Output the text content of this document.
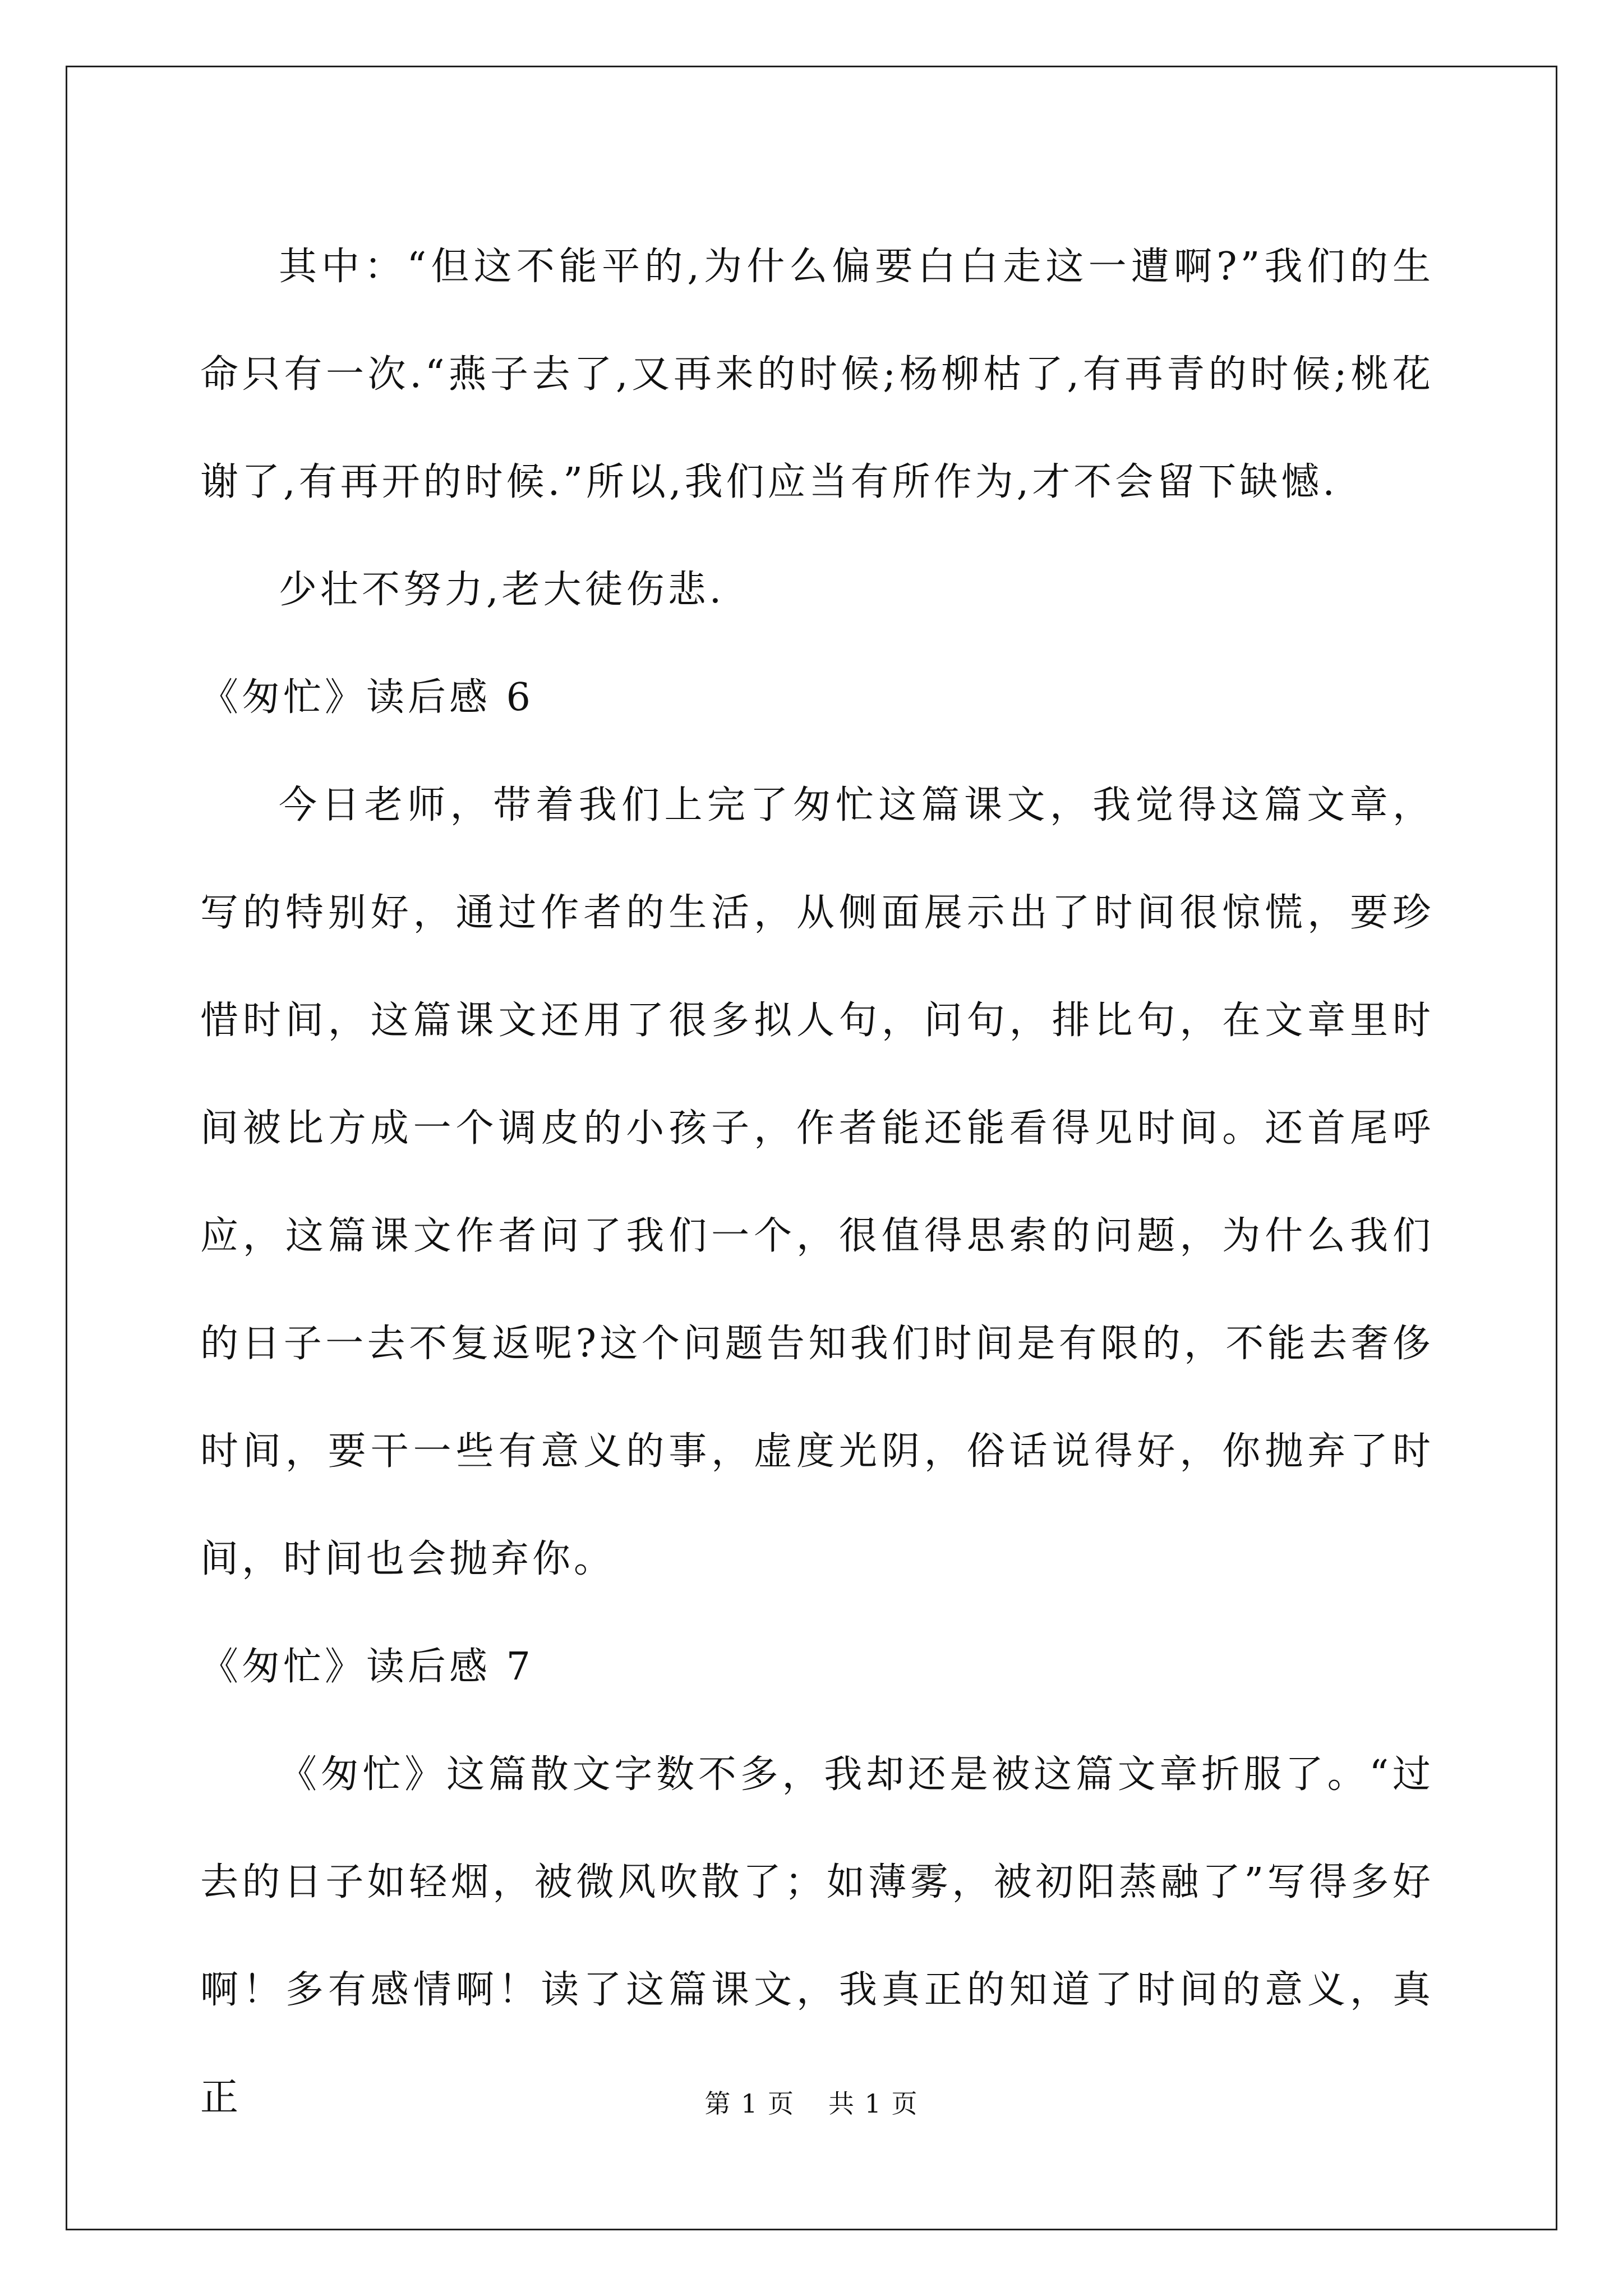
其中：“但这不能平的,为什么偏要白白走这一遭啊?”我们的生命只有一次.“燕子去了,又再来的时候;杨柳枯了,有再青的时候;桃花谢了,有再开的时候.”所以,我们应当有所作为,才不会留下缺憾.

少壮不努力,老大徒伤悲.

《匆忙》读后感 6

今日老师，带着我们上完了匆忙这篇课文，我觉得这篇文章，写的特别好，通过作者的生活，从侧面展示出了时间很惊慌，要珍惜时间，这篇课文还用了很多拟人句，问句，排比句，在文章里时间被比方成一个调皮的小孩子，作者能还能看得见时间。还首尾呼应，这篇课文作者问了我们一个，很值得思索的问题，为什么我们的日子一去不复返呢?这个问题告知我们时间是有限的，不能去奢侈时间，要干一些有意义的事，虚度光阴，俗话说得好，你抛弃了时间，时间也会抛弃你。

《匆忙》读后感 7

《匆忙》这篇散文字数不多，我却还是被这篇文章折服了。“过去的日子如轻烟，被微风吹散了；如薄雾，被初阳蒸融了”写得多好啊！多有感情啊！读了这篇课文，我真正的知道了时间的意义，真正	第 1 页 共 1 页
